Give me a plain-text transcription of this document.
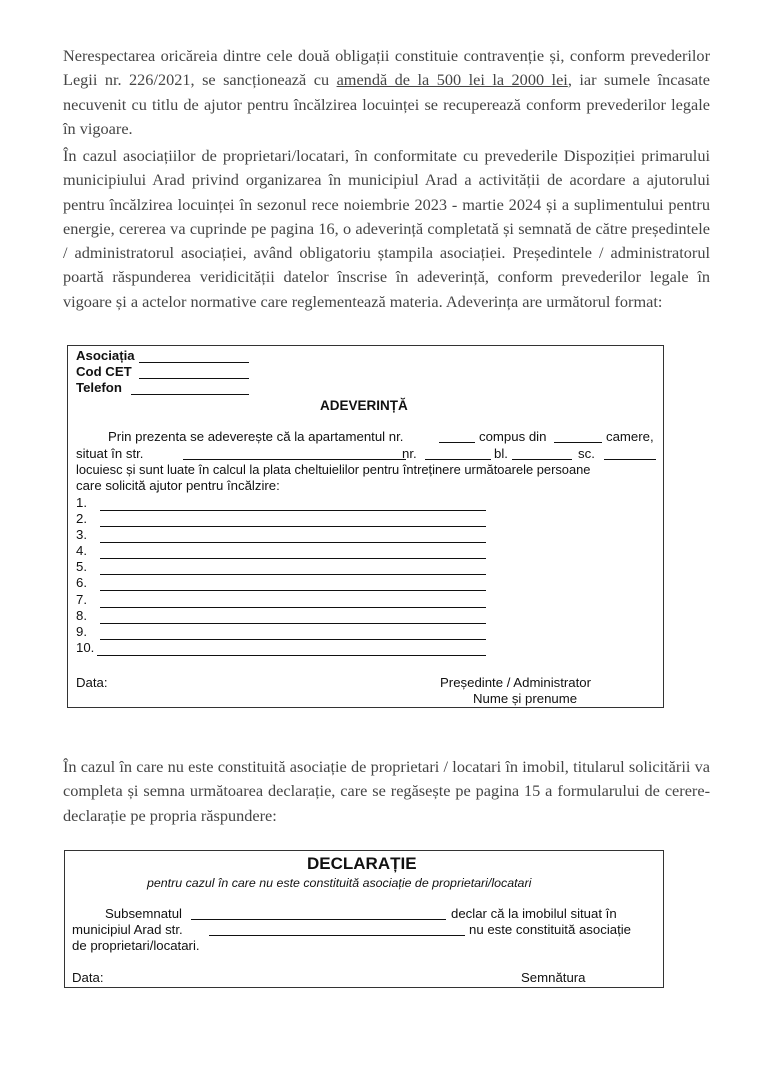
Nerespectarea oricăreia dintre cele două obligații constituie contravenție și, conform prevederilor Legii nr. 226/2021, se sancționează cu amendă de la 500 lei la 2000 lei, iar sumele încasate necuvenit cu titlu de ajutor pentru încălzirea locuinței se recuperează conform prevederilor legale în vigoare.

În cazul asociațiilor de proprietari/locatari, în conformitate cu prevederile Dispoziției primarului municipiului Arad privind organizarea în municipiul Arad a activității de acordare a ajutorului pentru încălzirea locuinței în sezonul rece noiembrie 2023 - martie 2024 și a suplimentului pentru energie, cererea va cuprinde pe pagina 16, o adeverință completată și semnată de către președintele / administratorul asociației, având obligatoriu ștampila asociației. Președintele / administratorul poartă răspunderea veridicității datelor înscrise în adeverință, conform prevederilor legale în vigoare și a actelor normative care reglementează materia. Adeverința are următorul format:

Asociația
Cod CET
Telefon
ADEVERINȚĂ
Prin prezenta se adeverește că la apartamentul nr.	compus din	camere,
situat în str.	nr.	bl.	sc.
locuiesc și sunt luate în calcul la plata cheltuielilor pentru întreținere următoarele persoane
care solicită ajutor pentru încălzire:
1.
2.
3.
4.
5.
6.
7.
8.
9.
10.
Data:	Președinte / Administrator
Nume și prenume

În cazul în care nu este constituită asociație de proprietari / locatari în imobil, titularul solicitării va completa și semna următoarea declarație, care se regăsește pe pagina 15 a formularului de cerere-declarație pe propria răspundere:

DECLARAȚIE
pentru cazul în care nu este constituită asociație de proprietari/locatari
Subsemnatul	declar că la imobilul situat în
municipiul Arad str.	nu este constituită asociație
de proprietari/locatari.
Data:	Semnătura
